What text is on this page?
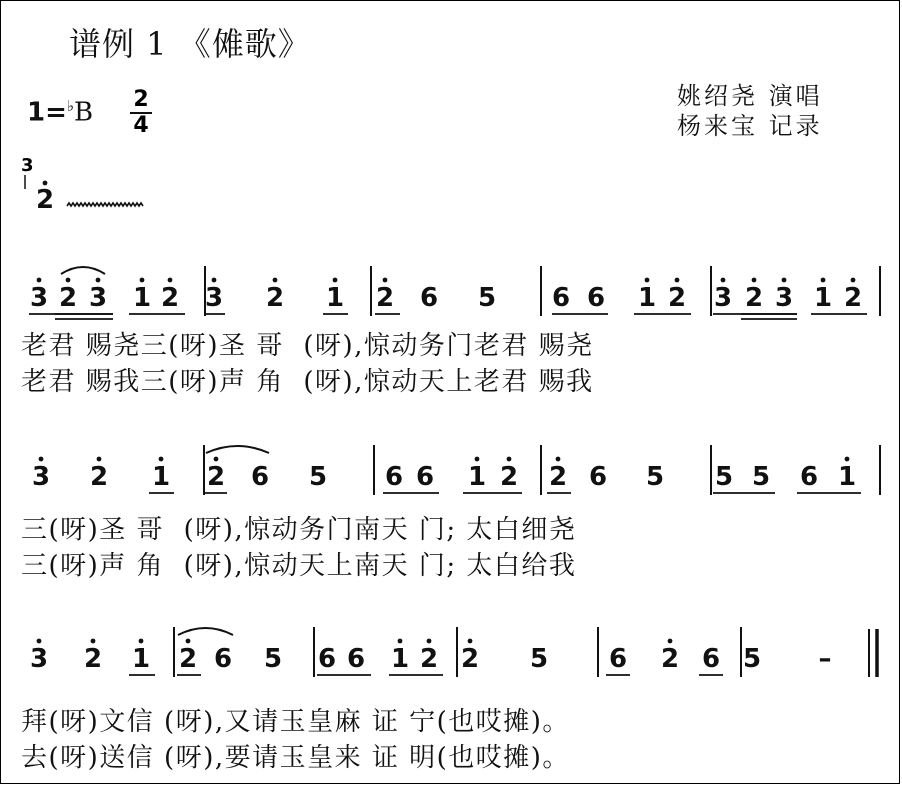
谱例 1 《傩歌》
姚绍尧 演唱
杨来宝 记录
1=♭B 2
4
3
2
3 2 3 1 2 3 2 1 2 6 5 6 6 1 2 3 2 3 1 2
3 2 1 2 6 5 6 6 1 2 2 6 5 5 5 6 1
3 2 1 2 6 5 6 6 1 2 2 5 6 2 6 5 –
老君 赐尧三(呀)圣 哥  (呀),惊动务门老君 赐尧
老君 赐我三(呀)声 角  (呀),惊动天上老君 赐我
三(呀)圣 哥  (呀),惊动务门南天 门; 太白细尧
三(呀)声 角  (呀),惊动天上南天 门; 太白给我
拜(呀)文信 (呀),又请玉皇麻 证 宁(也哎摊)。
去(呀)送信 (呀),要请玉皇来 证 明(也哎摊)。
